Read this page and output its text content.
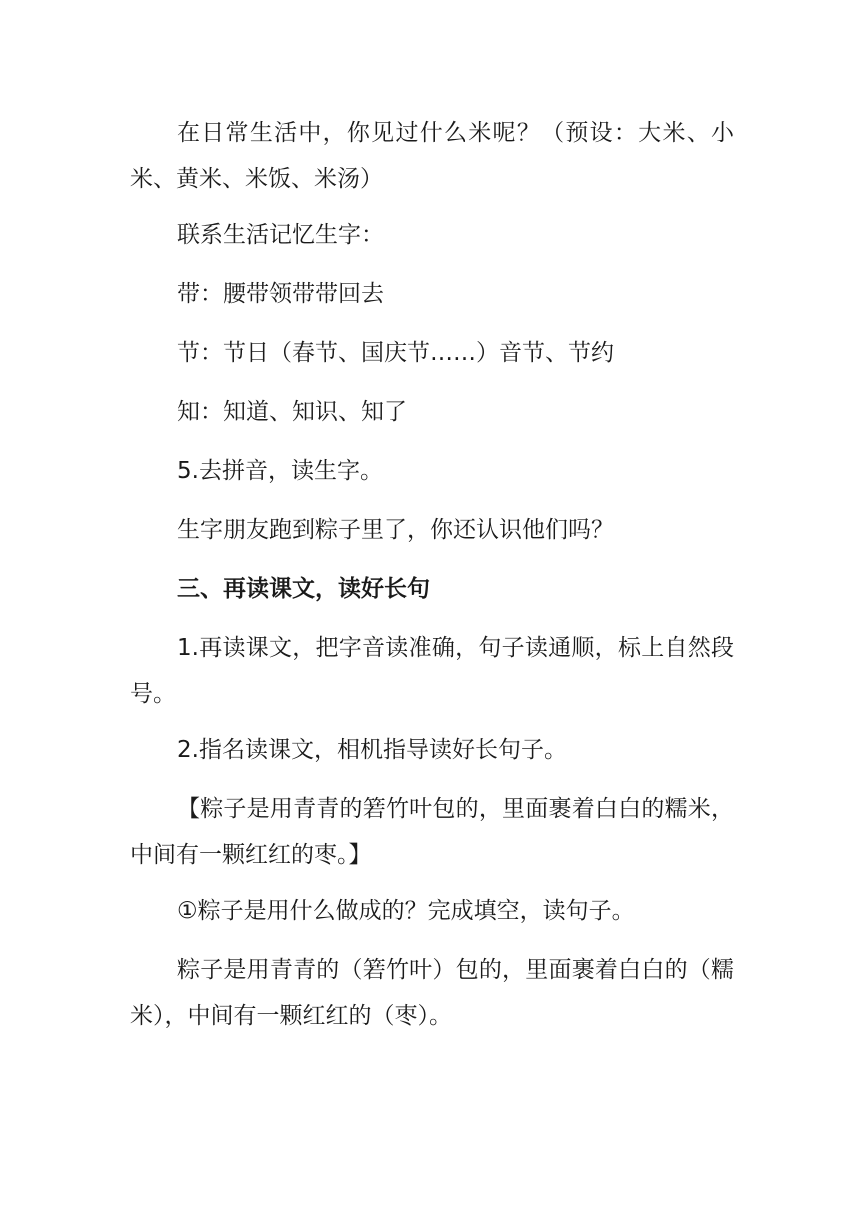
在日常生活中，你见过什么米呢？（预设：大米、小米、黄米、米饭、米汤）

联系生活记忆生字：

带：腰带领带带回去

节：节日（春节、国庆节……）音节、节约

知：知道、知识、知了

5.去拼音，读生字。

生字朋友跑到粽子里了，你还认识他们吗？

三、再读课文，读好长句

1.再读课文，把字音读准确，句子读通顺，标上自然段号。

2.指名读课文，相机指导读好长句子。

【粽子是用青青的箬竹叶包的，里面裹着白白的糯米，中间有一颗红红的枣。】

①粽子是用什么做成的？完成填空，读句子。

粽子是用青青的（箬竹叶）包的，里面裹着白白的（糯米），中间有一颗红红的（枣）。
